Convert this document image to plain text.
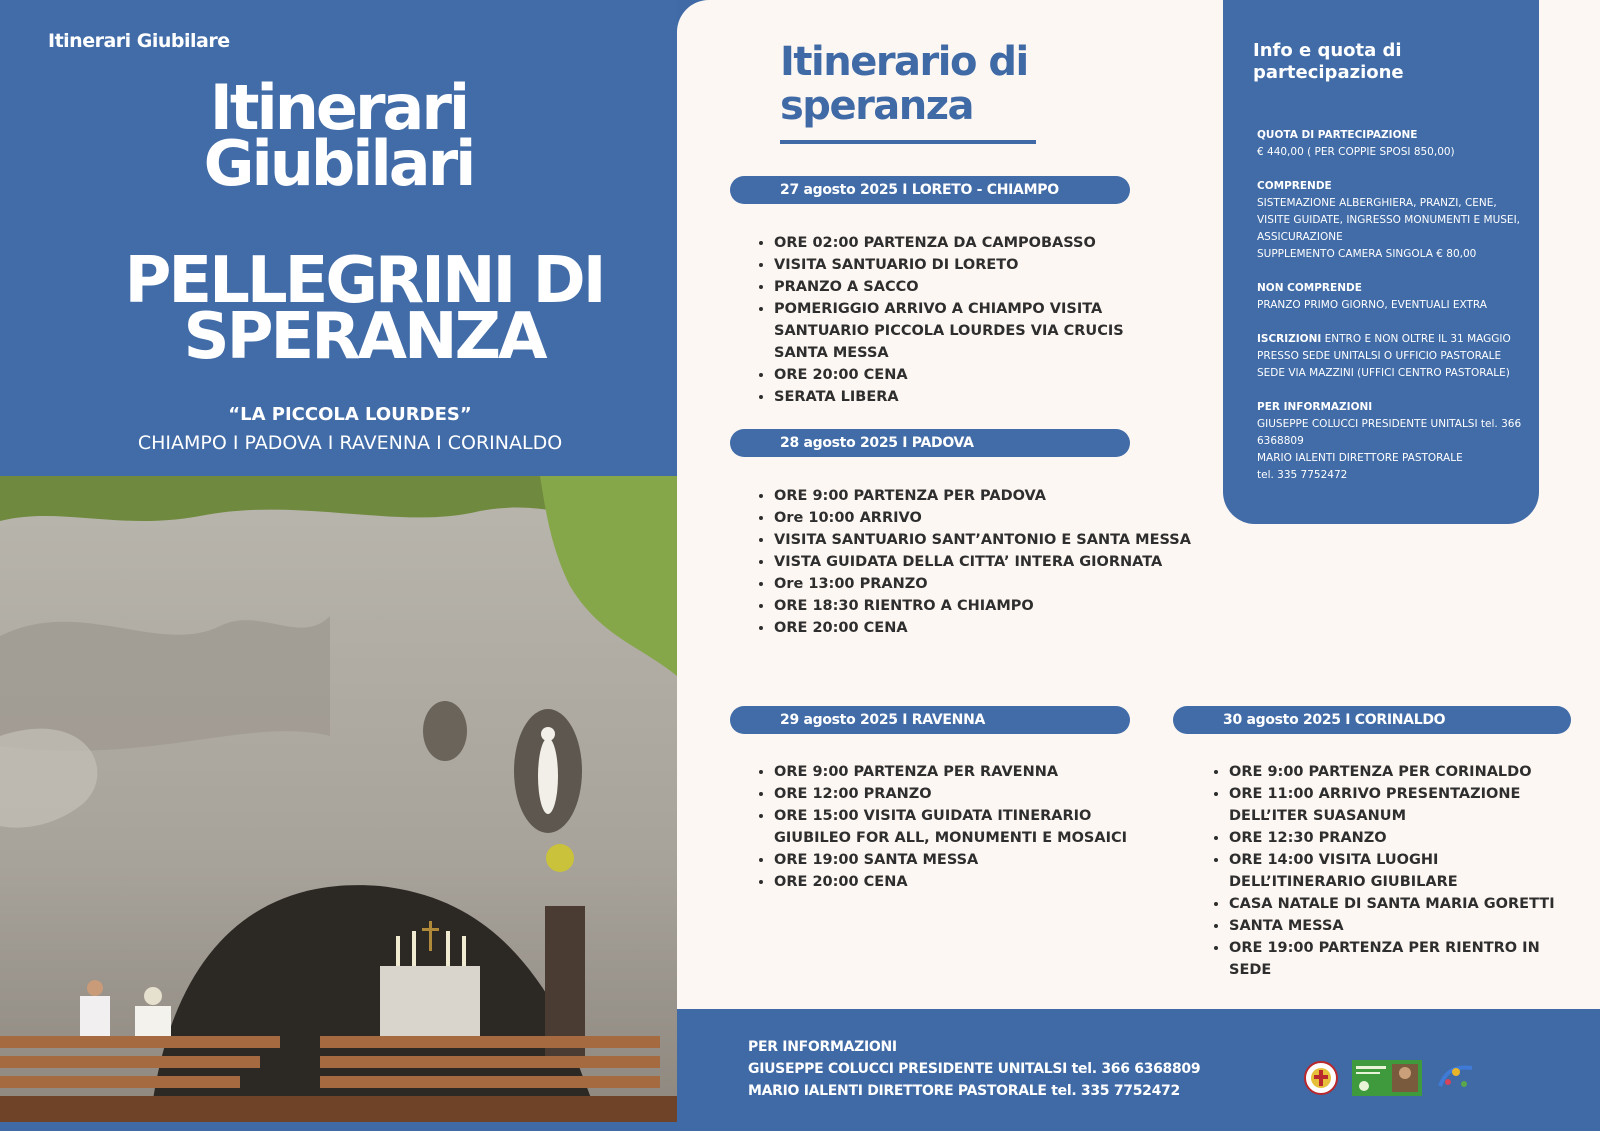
Itinerari Giubilare
Itinerari
Giubilari
PELLEGRINI DI
SPERANZA
“LA PICCOLA LOURDES”
CHIAMPO I PADOVA I RAVENNA I CORINALDO
Itinerario di
speranza
27 agosto 2025 I LORETO - CHIAMPO
• ORE 02:00 PARTENZA DA CAMPOBASSO
• VISITA SANTUARIO DI LORETO
• PRANZO A SACCO
• POMERIGGIO ARRIVO A CHIAMPO VISITA SANTUARIO PICCOLA LOURDES VIA CRUCIS SANTA MESSA
• ORE 20:00 CENA
• SERATA LIBERA
28 agosto 2025 I PADOVA
• ORE 9:00 PARTENZA PER PADOVA
• Ore 10:00 ARRIVO
• VISITA SANTUARIO SANT’ANTONIO E SANTA MESSA
• VISTA GUIDATA DELLA CITTA’ INTERA GIORNATA
• Ore 13:00 PRANZO
• ORE 18:30 RIENTRO A CHIAMPO
• ORE 20:00 CENA
29 agosto 2025 I RAVENNA
• ORE 9:00 PARTENZA PER RAVENNA
• ORE 12:00 PRANZO
• ORE 15:00 VISITA GUIDATA ITINERARIO GIUBILEO FOR ALL, MONUMENTI E MOSAICI
• ORE 19:00 SANTA MESSA
• ORE 20:00 CENA
30 agosto 2025 I CORINALDO
• ORE 9:00 PARTENZA PER CORINALDO
• ORE 11:00 ARRIVO PRESENTAZIONE DELL’ITER SUASANUM
• ORE 12:30 PRANZO
• ORE 14:00 VISITA LUOGHI DELL’ITINERARIO GIUBILARE
• CASA NATALE DI SANTA MARIA GORETTI
• SANTA MESSA
• ORE 19:00 PARTENZA PER RIENTRO IN SEDE
Info e quota di
partecipazione
QUOTA DI PARTECIPAZIONE
€ 440,00 ( PER COPPIE SPOSI 850,00)
COMPRENDE
SISTEMAZIONE ALBERGHIERA, PRANZI, CENE, VISITE GUIDATE, INGRESSO MONUMENTI E MUSEI, ASSICURAZIONE
SUPPLEMENTO CAMERA SINGOLA € 80,00
NON COMPRENDE
PRANZO PRIMO GIORNO, EVENTUALI EXTRA
ISCRIZIONI ENTRO E NON OLTRE IL 31 MAGGIO PRESSO SEDE UNITALSI O UFFICIO PASTORALE SEDE VIA MAZZINI (UFFICI CENTRO PASTORALE)
PER INFORMAZIONI
GIUSEPPE COLUCCI PRESIDENTE UNITALSI tel. 366 6368809
MARIO IALENTI DIRETTORE PASTORALE
tel. 335 7752472
PER INFORMAZIONI
GIUSEPPE COLUCCI PRESIDENTE UNITALSI tel. 366 6368809
MARIO IALENTI DIRETTORE PASTORALE tel. 335 7752472
